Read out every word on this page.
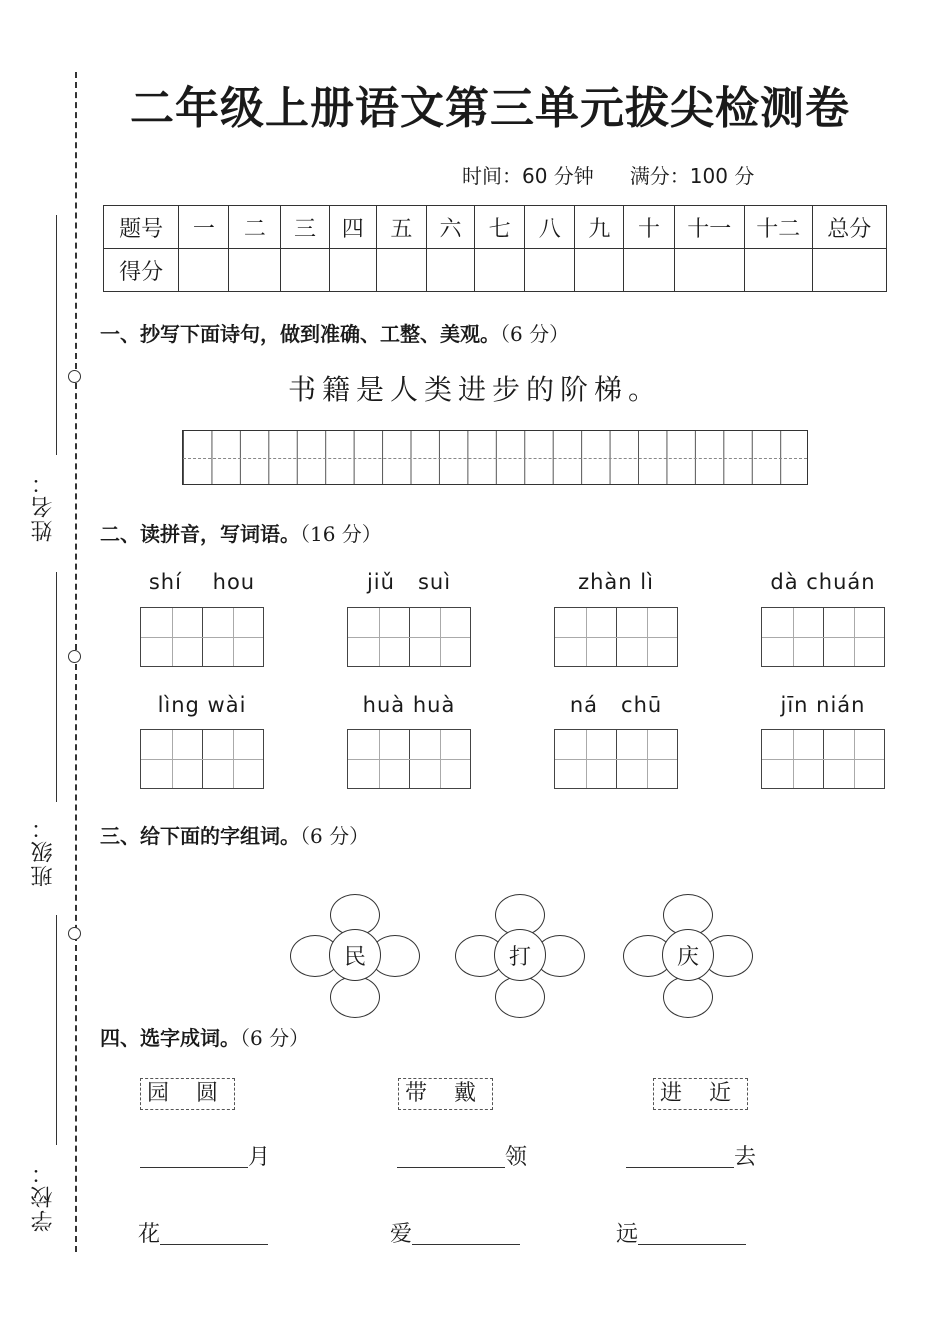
姓名：
班级：
学校：
二年级上册语文第三单元拔尖检测卷
时间：60 分钟 满分：100 分
题号	一	二	三	四	五	六	七	八	九	十	十一	十二	总分
得分													
一、抄写下面诗句，做到准确、工整、美观。（6 分）
书籍是人类进步的阶梯。
二、读拼音，写词语。（16 分）
shí    hou	jiǔ   suì	zhàn lì	dà chuán
lìng wài	huà huà	ná   chū	jīn nián
三、给下面的字组词。（6 分）
民	打	庆
四、选字成词。（6 分）
园 圆	带 戴	进 近
月	领	去
花	爱	远
